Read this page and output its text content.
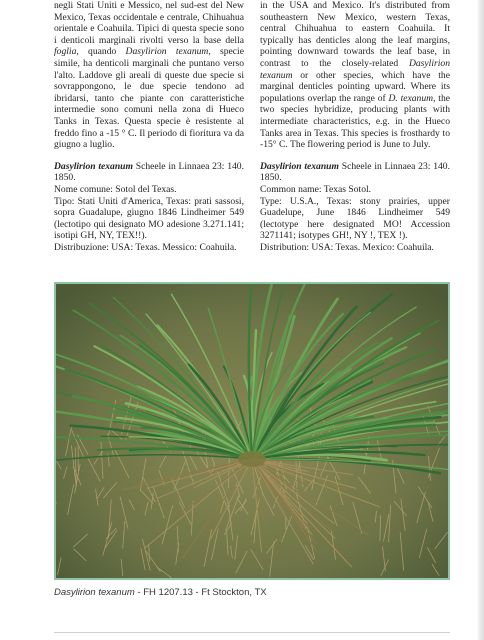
negli Stati Uniti e Messico, nel sud-est del New Mexico, Texas occidentale e centrale, Chihuahua orientale e Coahuila. Tipici di questa specie sono i denticoli marginali rivolti verso la base della foglia, quando Dasylirion texanum, specie simile, ha denticoli marginali che puntano verso l'alto. Laddove gli areali di queste due specie si sovrappongono, le due specie tendono ad ibridarsi, tanto che piante con caratteristiche intermedie sono comuni nella zona di Hueco Tanks in Texas. Questa specie è resistente al freddo fino a -15 ° C. Il periodo di fioritura va da giugno a luglio.

Dasylirion texanum Scheele in Linnaea 23: 140. 1850.

Nome comune: Sotol del Texas.

Tipo: Stati Uniti d'America, Texas: prati sassosi, sopra Guadalupe, giugno 1846 Lindheimer 549 (lectotipo qui designato MO adesione 3.271.141; isotipi GH, NY, TEX!!).

Distribuzione: USA: Texas. Messico: Coahuila.

in the USA and Mexico. It's distributed from southeastern New Mexico, western Texas, central Chihuahua to eastern Coahuila. It typically has denticles along the leaf margins, pointing downward towards the leaf base, in contrast to the closely-related Dasylirion texanum or other species, which have the marginal denticles pointing upward. Where its populations overlap the range of D. texanum, the two species hybridize, producing plants with intermediate characteristics, e.g. in the Hueco Tanks area in Texas. This species is frosthardy to -15° C. The flowering period is June to July.

Dasylirion texanum Scheele in Linnaea 23: 140. 1850.

Common name: Texas Sotol.

Type: U.S.A., Texas: stony prairies, upper Guadelupe, June 1846 Lindheimer 549 (lectotype here designated MO! Accession 3271141; isotypes GH!, NY !, TEX !).

Distribution: USA: Texas. Mexico: Coahuila.

Dasylirion texanum - FH 1207.13 - Ft Stockton, TX
